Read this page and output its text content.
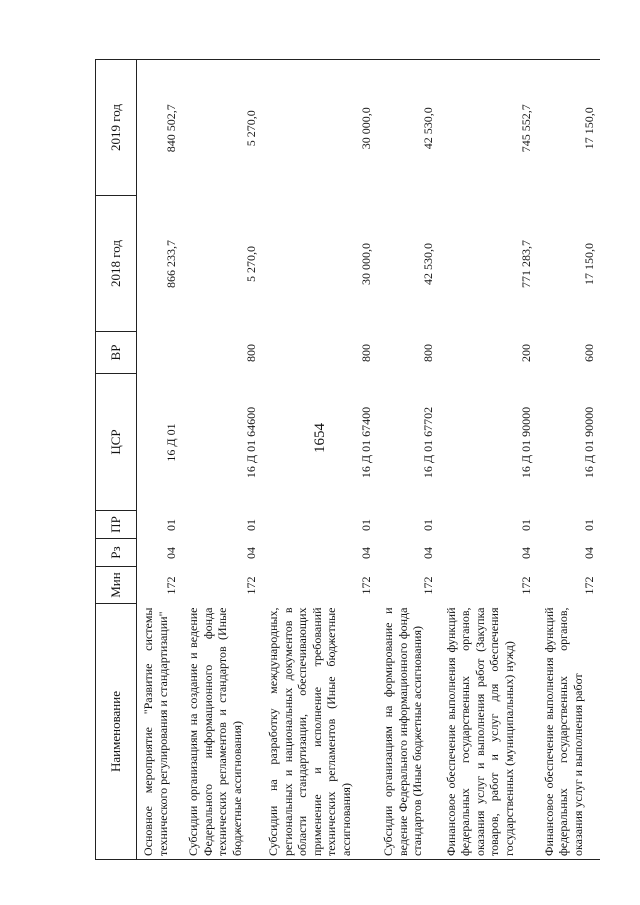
1654
Наименование	Мин	Рз	ПР	ЦСР	ВР	2018 год	2019 год
Основное мероприятие "Развитие системы технического регулирования и стандартизации"	172	04	01	16 Д 01		866 233,7	840 502,7
Субсидии организациям на создание и ведение Федерального информационного фонда технических регламентов и стандартов (Иные бюджетные ассигнования)	172	04	01	16 Д 01 64600	800	5 270,0	5 270,0
Субсидии на разработку международных, региональных и национальных документов в области стандартизации, обеспечивающих применение и исполнение требований технических регламентов (Иные бюджетные ассигнования)	172	04	01	16 Д 01 67400	800	30 000,0	30 000,0
Субсидии организациям на формирование и ведение Федерального информационного фонда стандартов (Иные бюджетные ассигнования)	172	04	01	16 Д 01 67702	800	42 530,0	42 530,0
Финансовое обеспечение выполнения функций федеральных государственных органов, оказания услуг и выполнения работ (Закупка товаров, работ и услуг для обеспечения государственных (муниципальных) нужд)	172	04	01	16 Д 01 90000	200	771 283,7	745 552,7
Финансовое обеспечение выполнения функций федеральных государственных органов, оказания услуг и выполнения работ	172	04	01	16 Д 01 90000	600	17 150,0	17 150,0
